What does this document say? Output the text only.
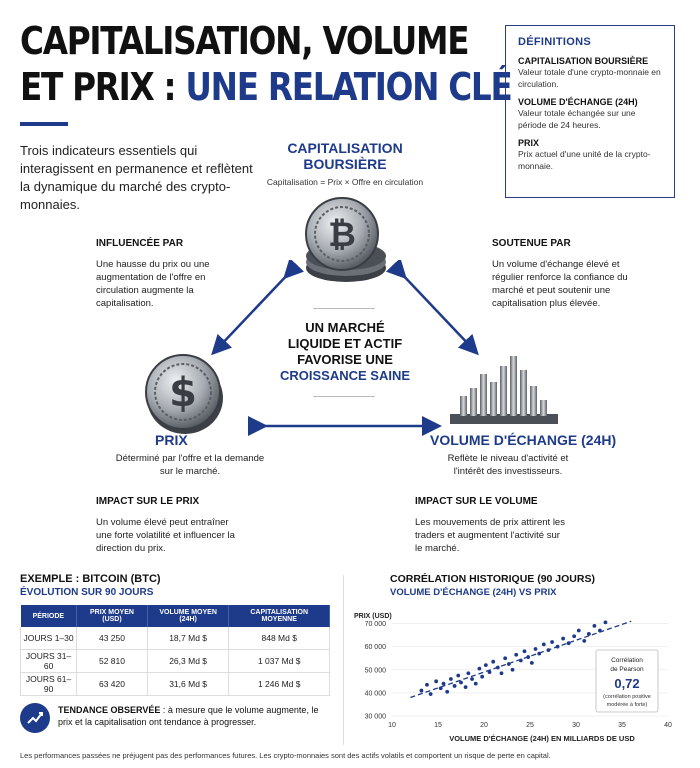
CAPITALISATION, VOLUME
ET PRIX : UNE RELATION CLÉ
Trois indicateurs essentiels qui interagissent en permanence et reflètent la dynamique du marché des crypto-monnaies.
DÉFINITIONS
CAPITALISATION BOURSIÈRE
Valeur totale d'une crypto-monnaie en circulation.
VOLUME D'ÉCHANGE (24H)
Valeur totale échangée sur une période de 24 heures.
PRIX
Prix actuel d'une unité de la crypto-monnaie.
CAPITALISATION
BOURSIÈRE
Capitalisation = Prix × Offre en circulation
₿
INFLUENCÉE PAR
Une hausse du prix ou une augmentation de l'offre en circulation augmente la capitalisation.
SOUTENUE PAR
Un volume d'échange élevé et régulier renforce la confiance du marché et peut soutenir une capitalisation plus élevée.
UN MARCHÉ
LIQUIDE ET ACTIF
FAVORISE UNE
CROISSANCE SAINE
$
PRIX
Déterminé par l'offre et la demande sur le marché.
VOLUME D'ÉCHANGE (24H)
Reflète le niveau d'activité et l'intérêt des investisseurs.
IMPACT SUR LE PRIX
Un volume élevé peut entraîner une forte volatilité et influencer la direction du prix.
IMPACT SUR LE VOLUME
Les mouvements de prix attirent les traders et augmentent l'activité sur le marché.
EXEMPLE : BITCOIN (BTC)
ÉVOLUTION SUR 90 JOURS
PÉRIODE	PRIX MOYEN (USD)	VOLUME MOYEN (24H)	CAPITALISATION MOYENNE
JOURS 1–30	43 250	18,7 Md $	848 Md $
JOURS 31–60	52 810	26,3 Md $	1 037 Md $
JOURS 61–90	63 420	31,6 Md $	1 246 Md $
TENDANCE OBSERVÉE : à mesure que le volume augmente, le prix et la capitalisation ont tendance à progresser.
CORRÉLATION HISTORIQUE (90 JOURS)
VOLUME D'ÉCHANGE (24H) VS PRIX
PRIX (USD)
30 000
40 000
50 000
60 000
70 000
10	15	20	25	30	35	40
Corrélation
de Pearson
0,72
(corrélation positive
modérée à forte)
VOLUME D'ÉCHANGE (24H) EN MILLIARDS DE USD
Les performances passées ne préjugent pas des performances futures. Les crypto-monnaies sont des actifs volatils et comportent un risque de perte en capital.
